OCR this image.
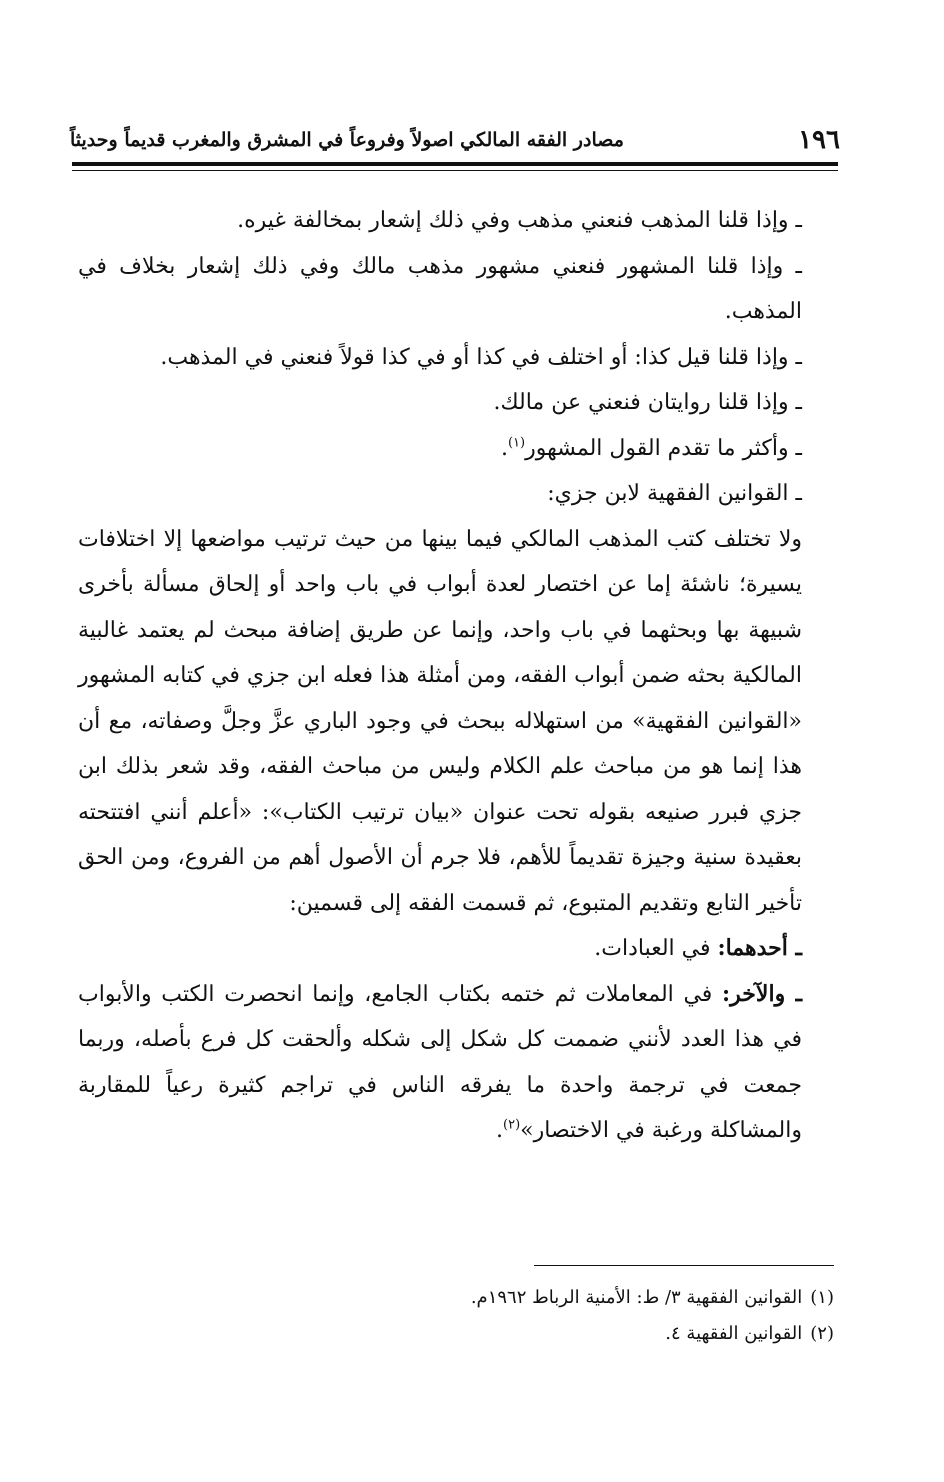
١٩٦
مصادر الفقه المالكي اصولاً وفروعاً في المشرق والمغرب قديماً وحديثاً

ـ وإذا قلنا المذهب فنعني مذهب وفي ذلك إشعار بمخالفة غيره.

ـ وإذا قلنا المشهور فنعني مشهور مذهب مالك وفي ذلك إشعار بخلاف في المذهب.

ـ وإذا قلنا قيل كذا: أو اختلف في كذا أو في كذا قولاً فنعني في المذهب.

ـ وإذا قلنا روايتان فنعني عن مالك.

ـ وأكثر ما تقدم القول المشهور$^{(١)}$.

ـ القوانين الفقهية لابن جزي:

ولا تختلف كتب المذهب المالكي فيما بينها من حيث ترتيب مواضعها إلا اختلافات يسيرة؛ ناشئة إما عن اختصار لعدة أبواب في باب واحد أو إلحاق مسألة بأخرى شبيهة بها وبحثهما في باب واحد، وإنما عن طريق إضافة مبحث لم يعتمد غالبية المالكية بحثه ضمن أبواب الفقه، ومن أمثلة هذا فعله ابن جزي في كتابه المشهور «القوانين الفقهية» من استهلاله ببحث في وجود الباري عزَّ وجلَّ وصفاته، مع أن هذا إنما هو من مباحث علم الكلام وليس من مباحث الفقه، وقد شعر بذلك ابن جزي فبرر صنيعه بقوله تحت عنوان «بيان ترتيب الكتاب»: «أعلم أنني افتتحته بعقيدة سنية وجيزة تقديماً للأهم، فلا جرم أن الأصول أهم من الفروع، ومن الحق تأخير التابع وتقديم المتبوع، ثم قسمت الفقه إلى قسمين:

ـ أحدهما: في العبادات.

ـ والآخر: في المعاملات ثم ختمه بكتاب الجامع، وإنما انحصرت الكتب والأبواب في هذا العدد لأنني ضممت كل شكل إلى شكله وألحقت كل فرع بأصله، وربما جمعت في ترجمة واحدة ما يفرقه الناس في تراجم كثيرة رعياً للمقاربة والمشاكلة ورغبة في الاختصار»$^{(٢)}$.

(١)القوانين الفقهية ٣/ ط: الأمنية الرباط ١٩٦٢م.

(٢)القوانين الفقهية ٤.
